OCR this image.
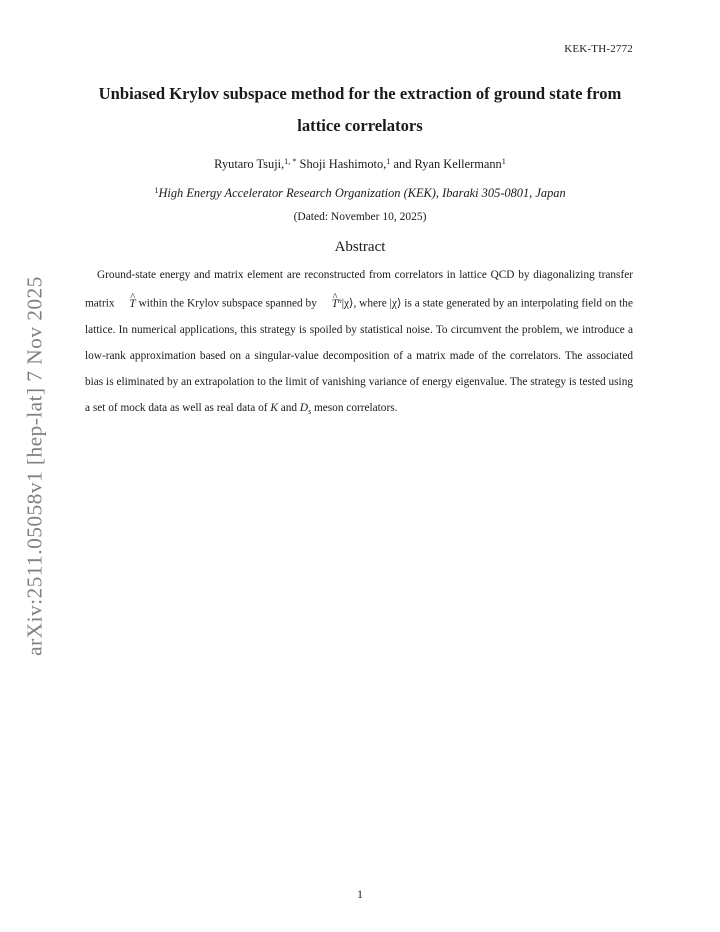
KEK-TH-2772
Unbiased Krylov subspace method for the extraction of ground state from lattice correlators
Ryutaro Tsuji,$^{1, *}$ Shoji Hashimoto,$^1$ and Ryan Kellermann$^1$
$^1$High Energy Accelerator Research Organization (KEK), Ibaraki 305-0801, Japan
(Dated: November 10, 2025)
Abstract

Ground-state energy and matrix element are reconstructed from correlators in lattice QCD by diagonalizing transfer matrix ^ T within the Krylov subspace spanned by ^ $T^n|\chi⟩$, where |χ⟩ is a state generated by an interpolating field on the lattice. In numerical applications, this strategy is spoiled by statistical noise. To circumvent the problem, we introduce a low-rank approximation based on a singular-value decomposition of a matrix made of the correlators. The associated bias is eliminated by an extrapolation to the limit of vanishing variance of energy eigenvalue. The strategy is tested using a set of mock data as well as real data of K and $D_s$ meson correlators.

arXiv:2511.05058v1 [hep-lat] 7 Nov 2025
1
